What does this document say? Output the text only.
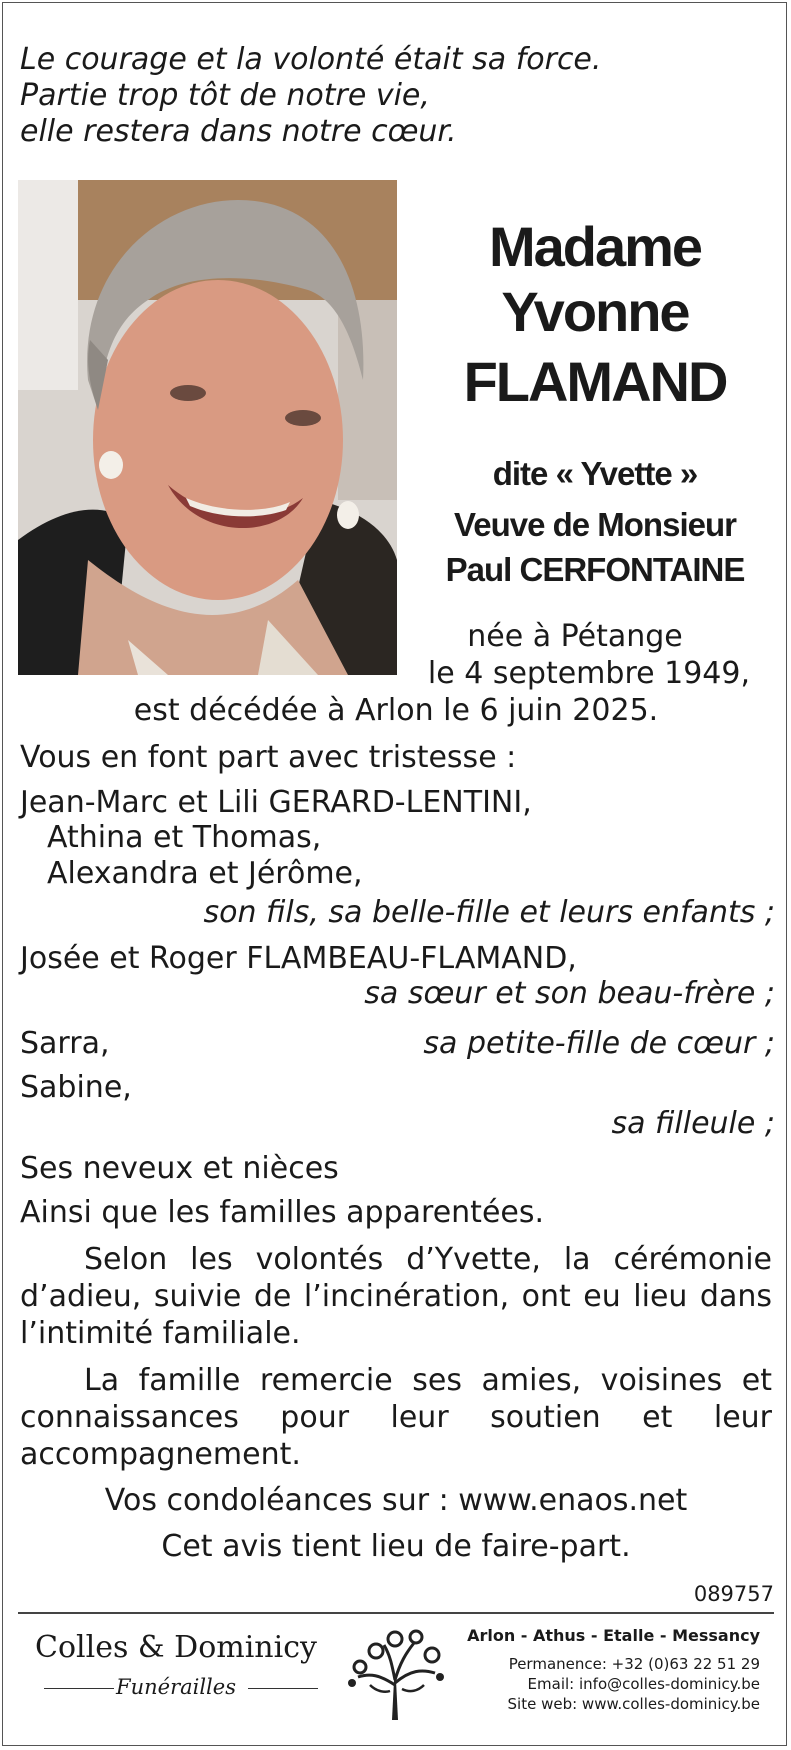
Le courage et la volonté était sa force.
Partie trop tôt de notre vie,
elle restera dans notre cœur.
Madame
Yvonne
FLAMAND
dite « Yvette »
Veuve de Monsieur
Paul CERFONTAINE
née à Pétange
le 4 septembre 1949,
est décédée à Arlon le 6 juin 2025.
Vous en font part avec tristesse :
Jean-Marc et Lili GERARD-LENTINI,
Athina et Thomas,
Alexandra et Jérôme,
son fils, sa belle-fille et leurs enfants ;
Josée et Roger FLAMBEAU-FLAMAND,
sa sœur et son beau-frère ;
Sarra,	sa petite-fille de cœur ;
Sabine,
sa filleule ;
Ses neveux et nièces
Ainsi que les familles apparentées.
Selon les volontés d’Yvette, la cérémonie d’adieu, suivie de l’incinération, ont eu lieu dans l’intimité familiale.
La famille remercie ses amies, voisines et connaissances pour leur soutien et leur accompagnement.
Vos condoléances sur : www.enaos.net
Cet avis tient lieu de faire-part.
089757
Colles & Dominicy
Funérailles
Arlon - Athus - Etalle - Messancy
Permanence: +32 (0)63 22 51 29
Email: info@colles-dominicy.be
Site web: www.colles-dominicy.be
